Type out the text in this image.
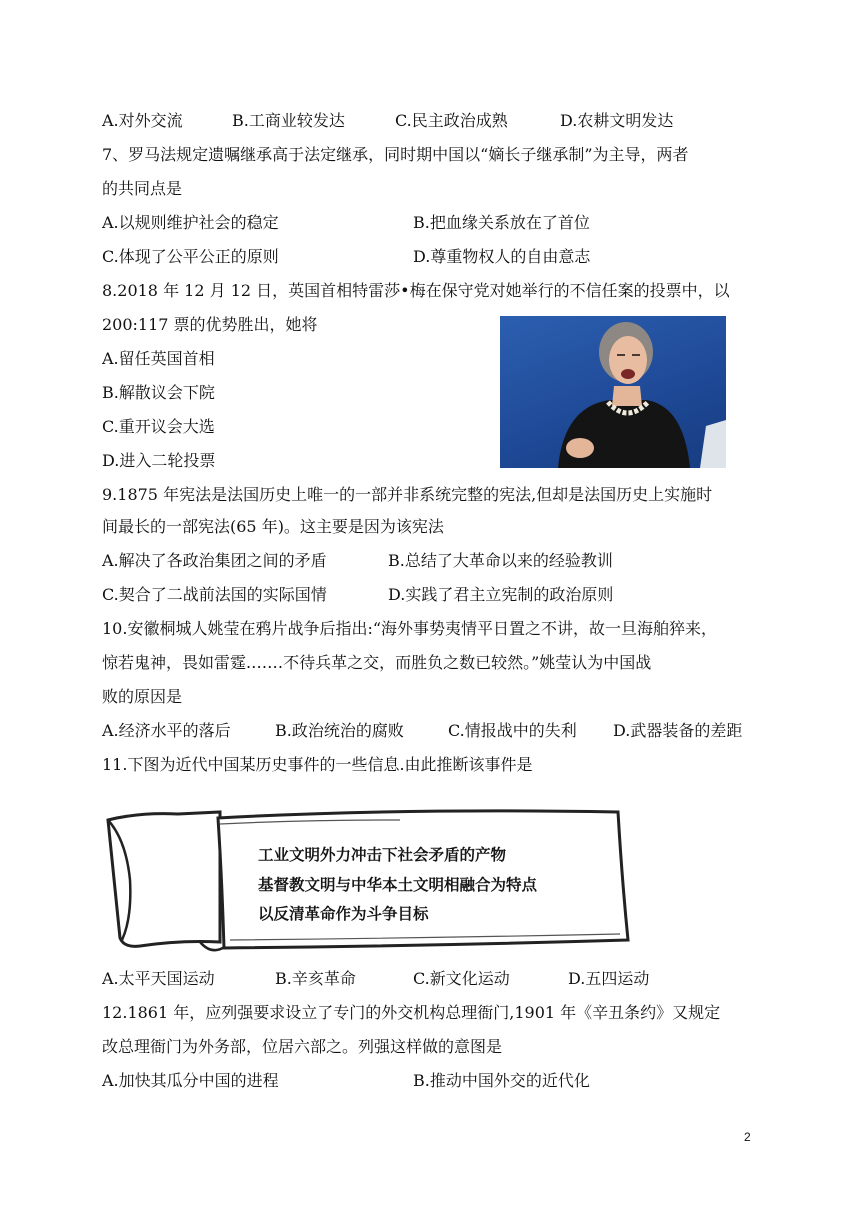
A.对外交流	B.工商业较发达	C.民主政治成熟	D.农耕文明发达
7、罗马法规定遗嘱继承高于法定继承，同时期中国以“嫡长子继承制”为主导，两者
的共同点是
A.以规则维护社会的稳定	B.把血缘关系放在了首位
C.体现了公平公正的原则	D.尊重物权人的自由意志
8.2018 年 12 月 12 日，英国首相特雷莎•梅在保守党对她举行的不信任案的投票中，以
200:117 票的优势胜出，她将
A.留任英国首相
B.解散议会下院
C.重开议会大选
D.进入二轮投票
9.1875 年宪法是法国历史上唯一的一部并非系统完整的宪法,但却是法国历史上实施时
间最长的一部宪法(65 年)。这主要是因为该宪法
A.解决了各政治集团之间的矛盾	B.总结了大革命以来的经验教训
C.契合了二战前法国的实际国情	D.实践了君主立宪制的政治原则
10.安徽桐城人姚莹在鸦片战争后指出:“海外事势夷情平日置之不讲，故一旦海舶猝来，
惊若鬼神，畏如雷霆.……不待兵革之交，而胜负之数已较然。”姚莹认为中国战
败的原因是
A.经济水平的落后	B.政治统治的腐败	C.情报战中的失利 D.武器装备的差距
11.下图为近代中国某历史事件的一些信息.由此推断该事件是
工业文明外力冲击下社会矛盾的产物
基督教文明与中华本土文明相融合为特点
以反清革命作为斗争目标
A.太平天国运动	B.辛亥革命	C.新文化运动	D.五四运动
12.1861 年，应列强要求设立了专门的外交机构总理衙门,1901 年《辛丑条约》又规定
改总理衙门为外务部，位居六部之。列强这样做的意图是
A.加快其瓜分中国的进程	B.推动中国外交的近代化
2
